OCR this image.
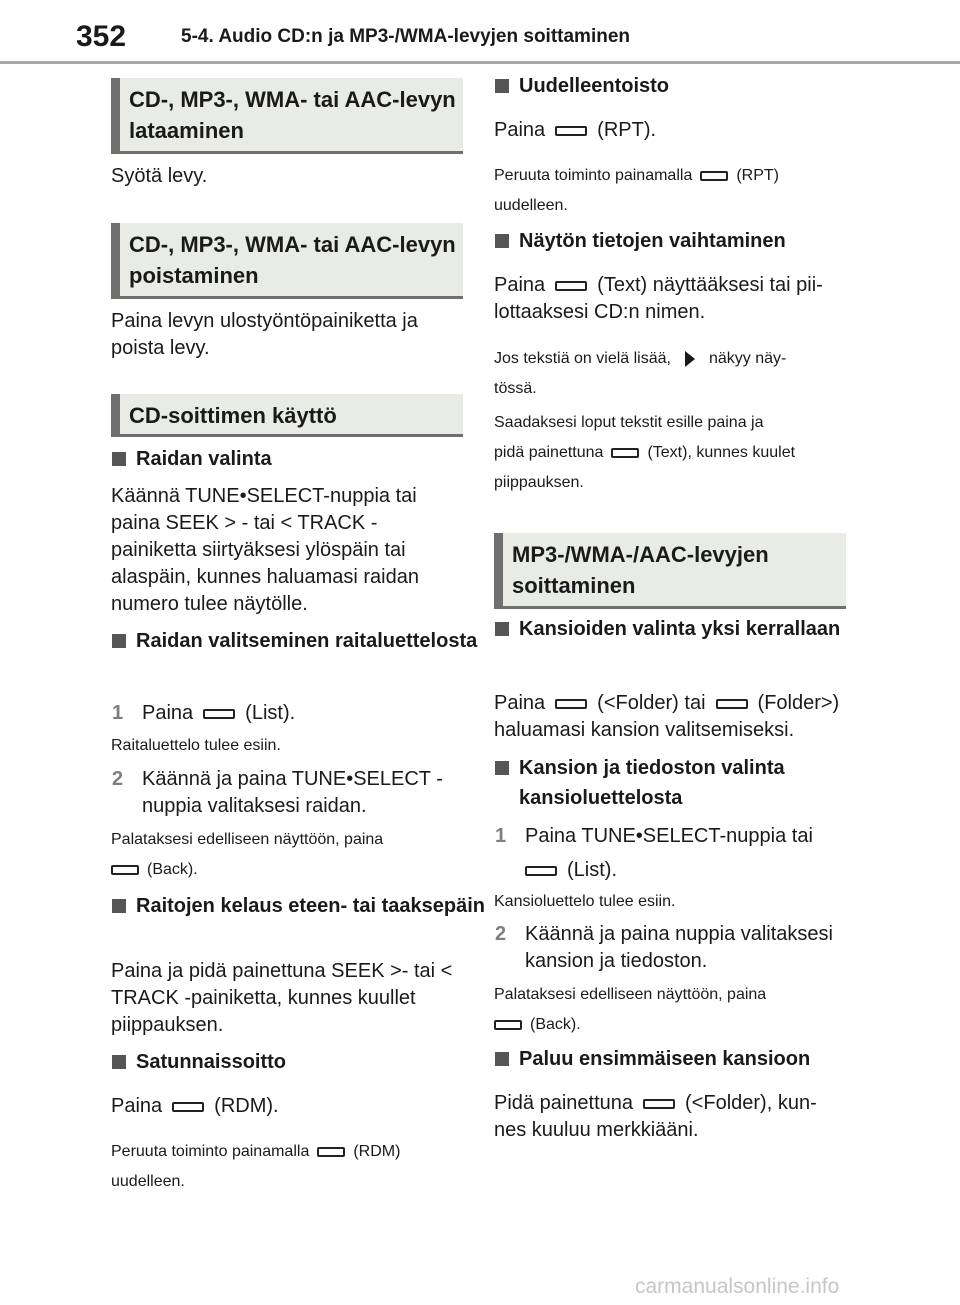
352	5-4. Audio CD:n ja MP3-/WMA-levyjen soittaminen
CD-, MP3-, WMA- tai AAC-levyn lataaminen
Syötä levy.
CD-, MP3-, WMA- tai AAC-levyn poistaminen
Paina levyn ulostyöntöpainiketta ja poista levy.
CD-soittimen käyttö
Raidan valinta
Käännä TUNE•SELECT-nuppia tai paina SEEK > - tai < TRACK -painiketta siirtyäksesi ylöspäin tai alaspäin, kunnes haluamasi raidan numero tulee näytölle.
Raidan valitseminen raitaluettelosta
1 Paina	(List).
Raitaluettelo tulee esiin.
2 Käännä ja paina TUNE•SELECT -nuppia valitaksesi raidan.
Palataksesi edelliseen näyttöön, paina
(Back).
Raitojen kelaus eteen- tai taaksepäin
Paina ja pidä painettuna SEEK >- tai < TRACK -painiketta, kunnes kuullet piippauksen.
Satunnaissoitto
Paina	(RDM).
Peruuta toiminto painamalla	(RDM)
uudelleen.
Uudelleentoisto
Paina	(RPT).
Peruuta toiminto painamalla	(RPT)
uudelleen.
Näytön tietojen vaihtaminen
Paina	(Text) näyttääksesi tai pii-
lottaaksesi CD:n nimen.
Jos tekstiä on vielä lisää, näkyy näy-
tössä.
Saadaksesi loput tekstit esille paina ja
pidä painettuna	(Text), kunnes kuulet
piippauksen.
MP3-/WMA-/AAC-levyjen soittaminen
Kansioiden valinta yksi kerrallaan
Paina	(<Folder) tai	(Folder>)
haluamasi kansion valitsemiseksi.
Kansion ja tiedoston valinta kansioluettelosta
1 Paina TUNE•SELECT-nuppia tai
(List).
Kansioluettelo tulee esiin.
2 Käännä ja paina nuppia valitaksesi kansion ja tiedoston.
Palataksesi edelliseen näyttöön, paina
(Back).
Paluu ensimmäiseen kansioon
Pidä painettuna	(<Folder), kun-
nes kuuluu merkkiääni.
carmanualsonline.info
